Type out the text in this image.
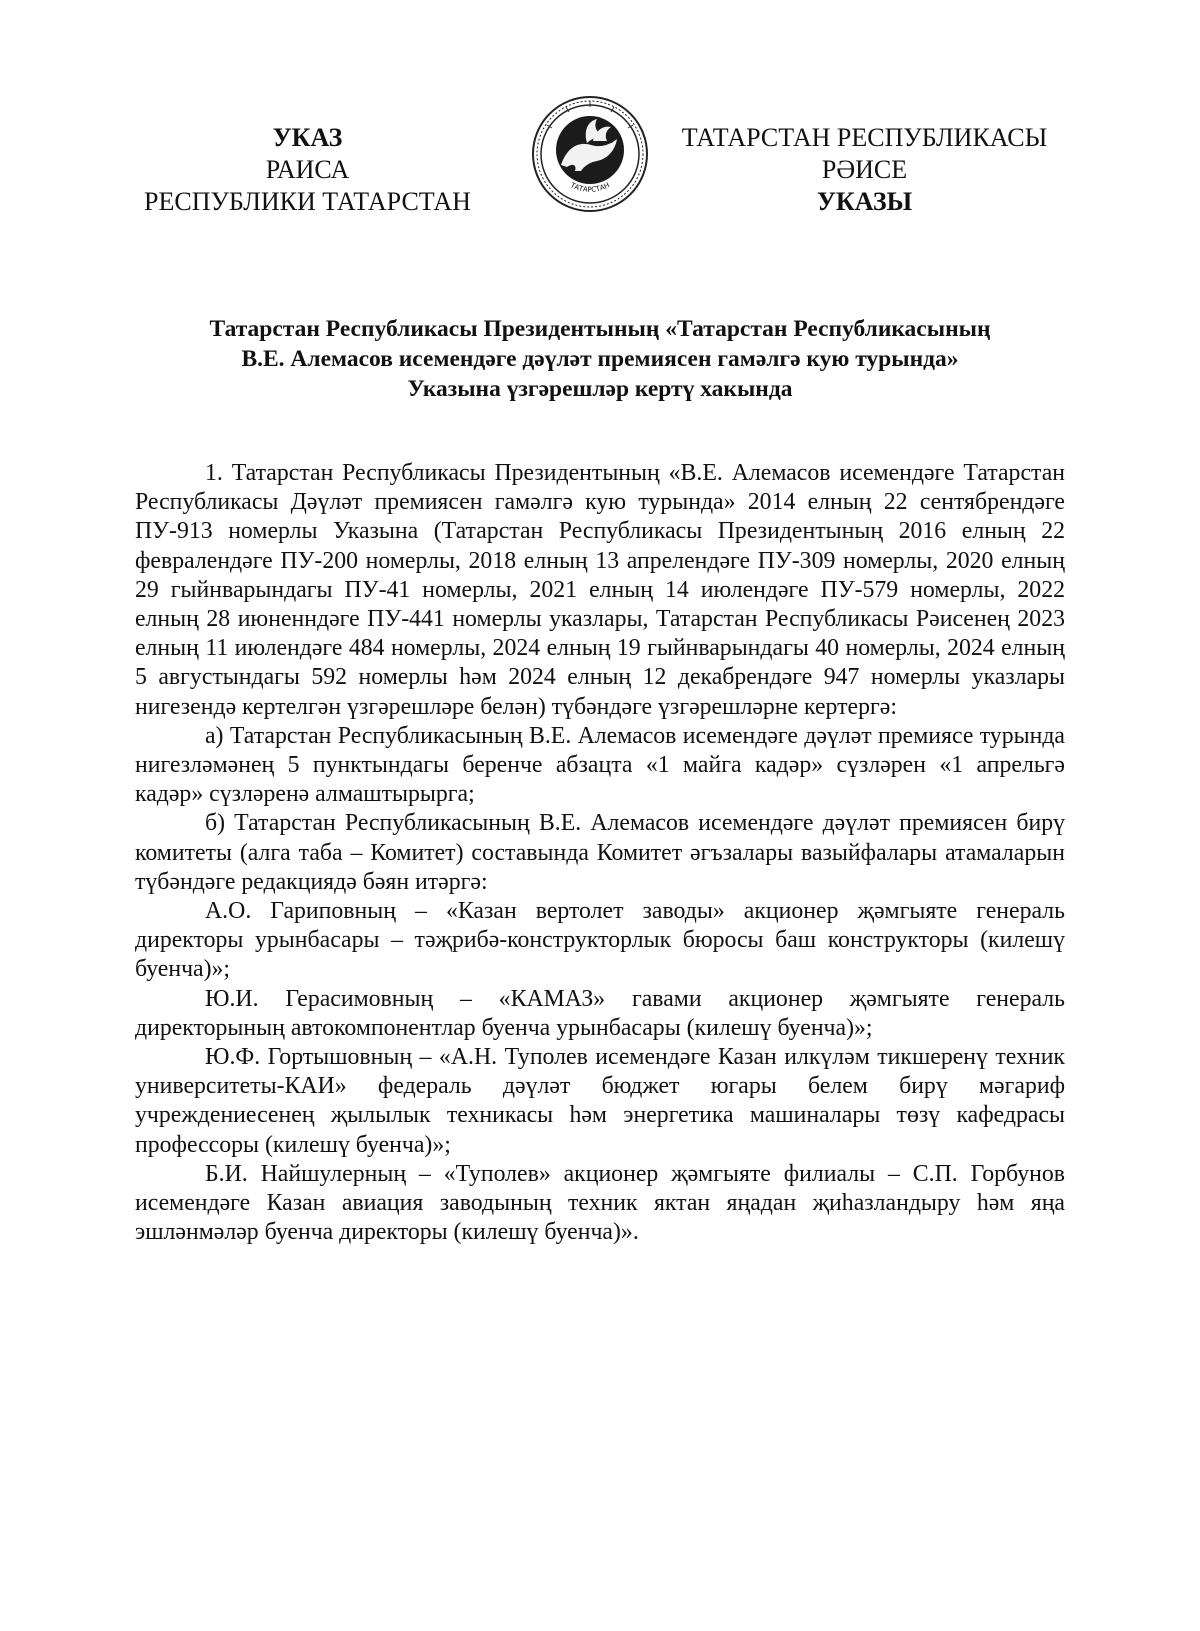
УКАЗ
РАИСА
РЕСПУБЛИКИ ТАТАРСТАН
ТАТАРСТАН
ТАТАРСТАН РЕСПУБЛИКАСЫ
РӘИСЕ
УКАЗЫ
Татарстан Республикасы Президентының «Татарстан Республикасының
В.Е. Алемасов исемендәге дәүләт премиясен гамәлгә кую турында»
Указына үзгәрешләр кертү хакында

1. Татарстан Республикасы Президентының «В.Е. Алемасов исемендәге Татарстан Республикасы Дәүләт премиясен гамәлгә кую турында» 2014 елның 22 сентябрендәге ПУ-913 номерлы Указына (Татарстан Республикасы Президентының 2016 елның 22 февралендәге ПУ-200 номерлы, 2018 елның 13 апрелендәге ПУ-309 номерлы, 2020 елның 29 гыйнварындагы ПУ-41 номерлы, 2021 елның 14 июлендәге ПУ-579 номерлы, 2022 елның 28 июненндәге ПУ-441 номерлы указлары, Татарстан Республикасы Рәисенең 2023 елның 11 июлендәге 484 номерлы, 2024 елның 19 гыйнварындагы 40 номерлы, 2024 елның 5 августындагы 592 номерлы һәм 2024 елның 12 декабрендәге 947 номерлы указлары нигезендә кертелгән үзгәрешләре белән) түбәндәге үзгәрешләрне кертергә:

а) Татарстан Республикасының В.Е. Алемасов исемендәге дәүләт премиясе турында нигезләмәнең 5 пунктындагы беренче абзацта «1 майга кадәр» сүзләрен «1 апрельгә кадәр» сүзләренә алмаштырырга;

б) Татарстан Республикасының В.Е. Алемасов исемендәге дәүләт премиясен бирү комитеты (алга таба – Комитет) составында Комитет әгъзалары вазыйфалары атамаларын түбәндәге редакциядә бәян итәргә:

А.О. Гариповның – «Казан вертолет заводы» акционер җәмгыяте генераль директоры урынбасары – тәҗрибә-конструкторлык бюросы баш конструкторы (килешү буенча)»;

Ю.И. Герасимовның – «КАМАЗ» гавами акционер җәмгыяте генераль директорының автокомпонентлар буенча урынбасары (килешү буенча)»;

Ю.Ф. Гортышовның – «А.Н. Туполев исемендәге Казан илкүләм тикшеренү техник университеты-КАИ» федераль дәүләт бюджет югары белем бирү мәгариф учреждениесенең җылылык техникасы һәм энергетика машиналары төзү кафедрасы профессоры (килешү буенча)»;

Б.И. Найшулерның – «Туполев» акционер җәмгыяте филиалы – С.П. Горбунов исемендәге Казан авиация заводының техник яктан яңадан җиһазландыру һәм яңа эшләнмәләр буенча директоры (килешү буенча)».
